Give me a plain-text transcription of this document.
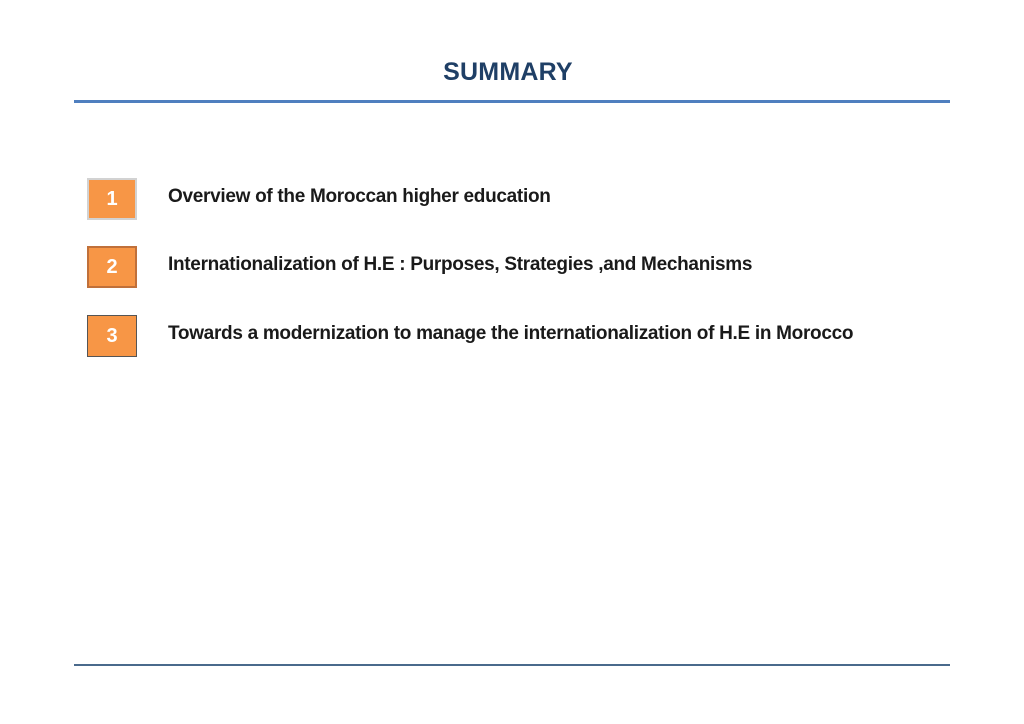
SUMMARY
1	Overview of the Moroccan higher education
2	Internationalization of H.E : Purposes, Strategies ,and Mechanisms
3	Towards a modernization to manage the internationalization of H.E in Morocco
